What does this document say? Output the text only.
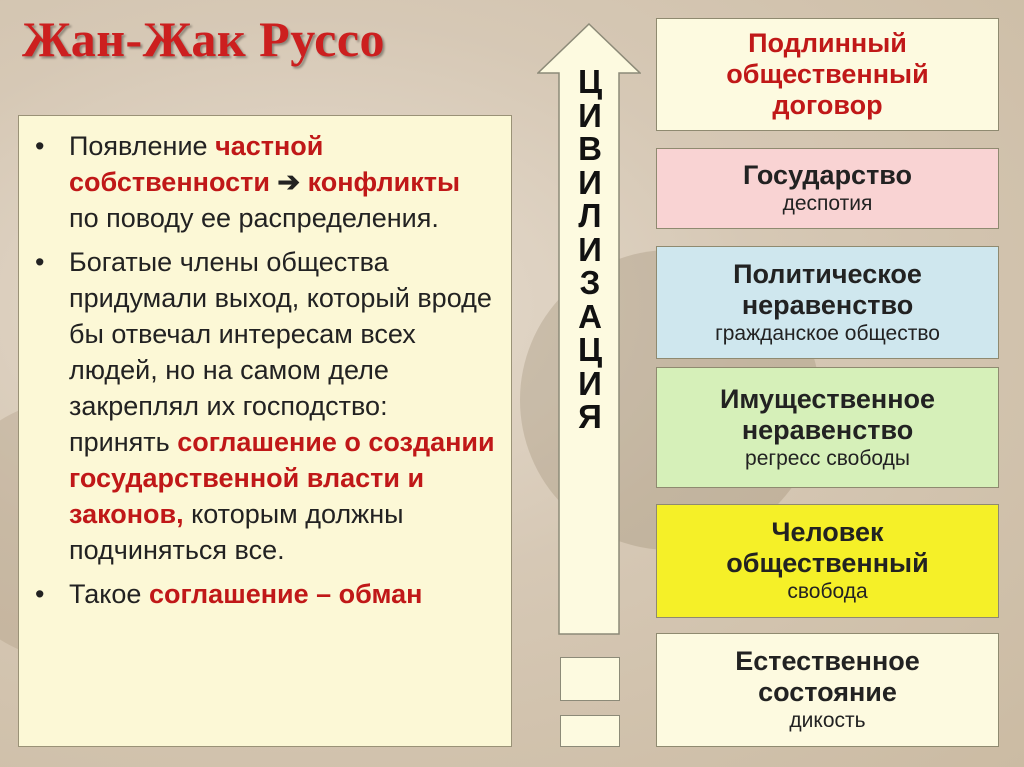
Жан-Жак Руссо
• Появление частной собственности ➔ конфликты по поводу ее распределения.
• Богатые члены общества придумали выход, который вроде бы отвечал интересам всех людей, но на самом деле закреплял их господство: принять соглашение о создании государственной власти и законов, которым должны подчиняться все.
• Такое соглашение – обман
Ц
И
В
И
Л
И
З
А
Ц
И
Я
Подлинный общественный договор
Государство
деспотия
Политическое неравенство
гражданское общество
Имущественное неравенство
регресс свободы
Человек общественный
свобода
Естественное состояние
дикость
